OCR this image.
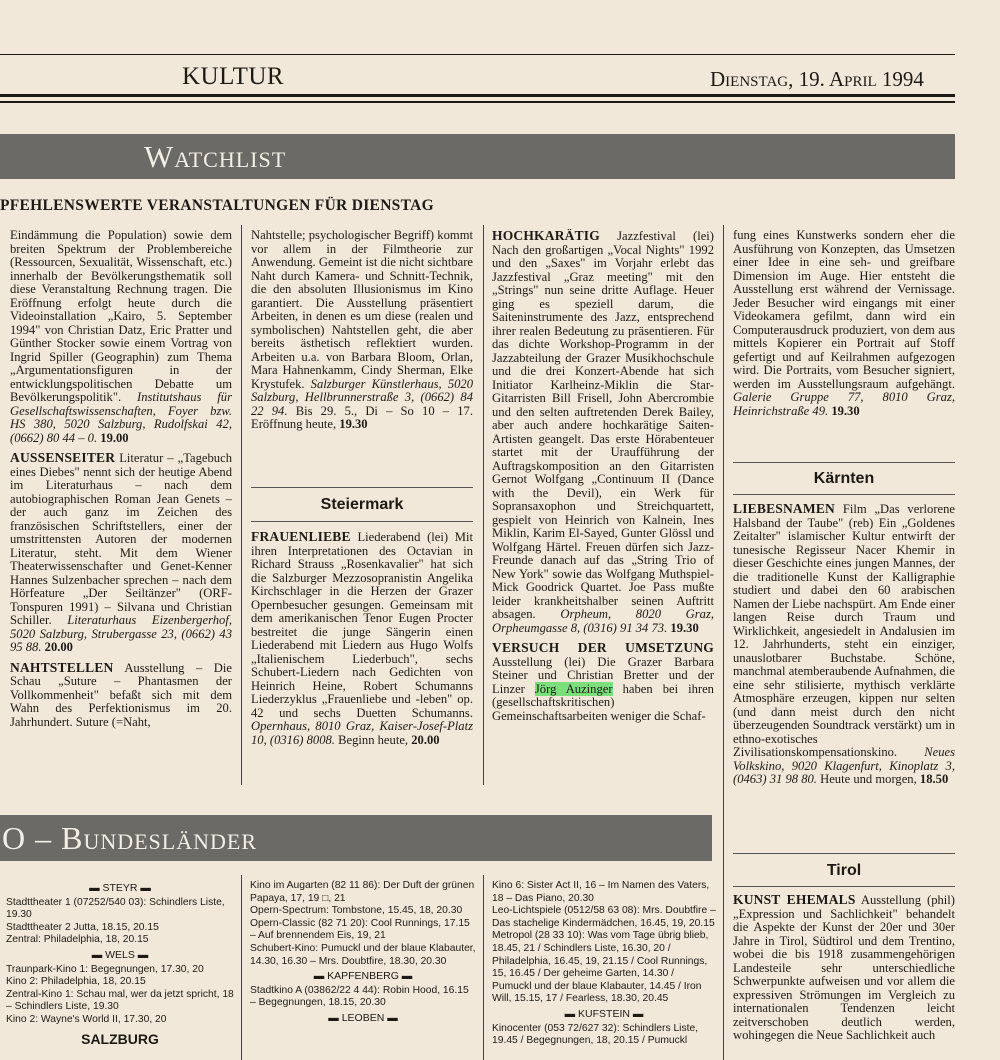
KULTUR	Dienstag, 19. April 1994
Watchlist
PFEHLENSWERTE VERANSTALTUNGEN FÜR DIENSTAG

Eindämmung die Population) sowie dem breiten Spektrum der Problembereiche (Ressourcen, Sexualität, Wissenschaft, etc.) innerhalb der Bevölkerungsthematik soll diese Veranstaltung Rechnung tragen. Die Eröffnung erfolgt heute durch die Videoinstallation „Kairo, 5. September 1994" von Christian Datz, Eric Pratter und Günther Stocker sowie einem Vortrag von Ingrid Spiller (Geographin) zum Thema „Argumentationsfiguren in der entwicklungspolitischen Debatte um Bevölkerungspolitik". Institutshaus für Gesellschaftswissenschaften, Foyer bzw. HS 380, 5020 Salzburg, Rudolfskai 42, (0662) 80 44 – 0. 19.00

AUSSENSEITER Literatur – „Tagebuch eines Diebes" nennt sich der heutige Abend im Literaturhaus – nach dem autobiographischen Roman Jean Genets – der auch ganz im Zeichen des französischen Schriftstellers, einer der umstrittensten Autoren der modernen Literatur, steht. Mit dem Wiener Theaterwissenschafter und Genet-Kenner Hannes Sulzenbacher sprechen – nach dem Hörfeature „Der Seiltänzer" (ORF-Tonspuren 1991) – Silvana und Christian Schiller. Literaturhaus Eizenbergerhof, 5020 Salzburg, Strubergasse 23, (0662) 43 95 88. 20.00

NAHTSTELLEN Ausstellung – Die Schau „Suture – Phantasmen der Vollkommenheit" befaßt sich mit dem Wahn des Perfektionismus im 20. Jahrhundert. Suture (=Naht,

Nahtstelle; psychologischer Begriff) kommt vor allem in der Filmtheorie zur Anwendung. Gemeint ist die nicht sichtbare Naht durch Kamera- und Schnitt-Technik, die den absoluten Illusionismus im Kino garantiert. Die Ausstellung präsentiert Arbeiten, in denen es um diese (realen und symbolischen) Nahtstellen geht, die aber bereits ästhetisch reflektiert wurden. Arbeiten u.a. von Barbara Bloom, Orlan, Mara Hahnenkamm, Cindy Sherman, Elke Krystufek. Salzburger Künstlerhaus, 5020 Salzburg, Hellbrunnerstraße 3, (0662) 84 22 94. Bis 29. 5., Di – So 10 – 17. Eröffnung heute, 19.30

Steiermark

FRAUENLIEBE Liederabend (lei) Mit ihren Interpretationen des Octavian in Richard Strauss „Rosenkavalier" hat sich die Salzburger Mezzosopranistin Angelika Kirchschlager in die Herzen der Grazer Opernbesucher gesungen. Gemeinsam mit dem amerikanischen Tenor Eugen Procter bestreitet die junge Sängerin einen Liederabend mit Liedern aus Hugo Wolfs „Italienischem Liederbuch", sechs Schubert-Liedern nach Gedichten von Heinrich Heine, Robert Schumanns Liederzyklus „Frauenliebe und -leben" op. 42 und sechs Duetten Schumanns. Opernhaus, 8010 Graz, Kaiser-Josef-Platz 10, (0316) 8008. Beginn heute, 20.00

HOCHKARÄTIG Jazzfestival (lei) Nach den großartigen „Vocal Nights" 1992 und den „Saxes" im Vorjahr erlebt das Jazzfestival „Graz meeting" mit den „Strings" nun seine dritte Auflage. Heuer ging es speziell darum, die Saiteninstrumente des Jazz, entsprechend ihrer realen Bedeutung zu präsentieren. Für das dichte Workshop-Programm in der Jazzabteilung der Grazer Musikhochschule und die drei Konzert-Abende hat sich Initiator Karlheinz-Miklin die Star-Gitarristen Bill Frisell, John Abercrombie und den selten auftretenden Derek Bailey, aber auch andere hochkarätige Saiten-Artisten geangelt. Das erste Hörabenteuer startet mit der Uraufführung der Auftragskomposition an den Gitarristen Gernot Wolfgang „Continuum II (Dance with the Devil), ein Werk für Sopransaxophon und Streichquartett, gespielt von Heinrich von Kalnein, Ines Miklin, Karim El-Sayed, Gunter Glössl und Wolfgang Härtel. Freuen dürfen sich Jazz-Freunde danach auf das „String Trio of New York" sowie das Wolfgang Muthspiel-Mick Goodrick Quartet. Joe Pass mußte leider krankheitshalber seinen Auftritt absagen. Orpheum, 8020 Graz, Orpheumgasse 8, (0316) 91 34 73. 19.30

VERSUCH DER UMSETZUNG Ausstellung (lei) Die Grazer Barbara Steiner und Christian Bretter und der Linzer Jörg Auzinger haben bei ihren (gesellschaftskritischen) Gemeinschaftsarbeiten weniger die Schaf-

fung eines Kunstwerks sondern eher die Ausführung von Konzepten, das Umsetzen einer Idee in eine seh- und greifbare Dimension im Auge. Hier entsteht die Ausstellung erst während der Vernissage. Jeder Besucher wird eingangs mit einer Videokamera gefilmt, dann wird ein Computerausdruck produziert, von dem aus mittels Kopierer ein Portrait auf Stoff gefertigt und auf Keilrahmen aufgezogen wird. Die Portraits, vom Besucher signiert, werden im Ausstellungsraum aufgehängt. Galerie Gruppe 77, 8010 Graz, Heinrichstraße 49. 19.30

Kärnten

LIEBESNAMEN Film „Das verlorene Halsband der Taube" (reb) Ein „Goldenes Zeitalter" islamischer Kultur entwirft der tunesische Regisseur Nacer Khemir in dieser Geschichte eines jungen Mannes, der die traditionelle Kunst der Kalligraphie studiert und dabei den 60 arabischen Namen der Liebe nachspürt. Am Ende einer langen Reise durch Traum und Wirklichkeit, angesiedelt in Andalusien im 12. Jahrhunderts, steht ein einziger, unauslotbarer Buchstabe. Schöne, manchmal atemberaubende Aufnahmen, die eine sehr stilisierte, mythisch verklärte Atmosphäre erzeugen, kippen nur selten (und dann meist durch den nicht überzeugenden Soundtrack verstärkt) um in ethno-exotisches Zivilisationskompensationskino. Neues Volkskino, 9020 Klagenfurt, Kinoplatz 3, (0463) 31 98 80. Heute und morgen, 18.50

Tirol

KUNST EHEMALS Ausstellung (phil) „Expression und Sachlichkeit" behandelt die Aspekte der Kunst der 20er und 30er Jahre in Tirol, Südtirol und dem Trentino, wobei die bis 1918 zusammengehörigen Landesteile sehr unterschiedliche Schwerpunkte aufweisen und vor allem die expressiven Strömungen im Vergleich zu internationalen Tendenzen leicht zeitverschoben deutlich werden, wohingegen die Neue Sachlichkeit auch

O – Bundesländer

▬ STEYR ▬

Stadttheater 1 (07252/540 03): Schindlers Liste, 19.30

Stadttheater 2 Jutta, 18.15, 20.15

Zentral: Philadelphia, 18, 20.15

▬ WELS ▬

Traunpark-Kino 1: Begegnungen, 17.30, 20

Kino 2: Philadelphia, 18, 20.15

Zentral-Kino 1: Schau mal, wer da jetzt spricht, 18 – Schindlers Liste, 19.30

Kino 2: Wayne's World II, 17.30, 20

SALZBURG

Kino im Augarten (82 11 86): Der Duft der grünen Papaya, 17, 19 □, 21

Opern-Spectrum: Tombstone, 15.45, 18, 20.30

Opern-Classic (82 71 20): Cool Runnings, 17.15 – Auf brennendem Eis, 19, 21

Schubert-Kino: Pumuckl und der blaue Klabauter, 14.30, 16.30 – Mrs. Doubtfire, 18.30, 20.30

▬ KAPFENBERG ▬

Stadtkino A (03862/22 4 44): Robin Hood, 16.15 – Begegnungen, 18.15, 20.30

▬ LEOBEN ▬

Kino 6: Sister Act II, 16 – Im Namen des Vaters, 18 – Das Piano, 20.30

Leo-Lichtspiele (0512/58 63 08): Mrs. Doubtfire – Das stachelige Kindermädchen, 16.45, 19, 20.15

Metropol (28 33 10): Was vom Tage übrig blieb, 18.45, 21 / Schindlers Liste, 16.30, 20 / Philadelphia, 16.45, 19, 21.15 / Cool Runnings, 15, 16.45 / Der geheime Garten, 14.30 / Pumuckl und der blaue Klabauter, 14.45 / Iron Will, 15.15, 17 / Fearless, 18.30, 20.45

▬ KUFSTEIN ▬

Kinocenter (053 72/627 32): Schindlers Liste, 19.45 / Begegnungen, 18, 20.15 / Pumuckl
